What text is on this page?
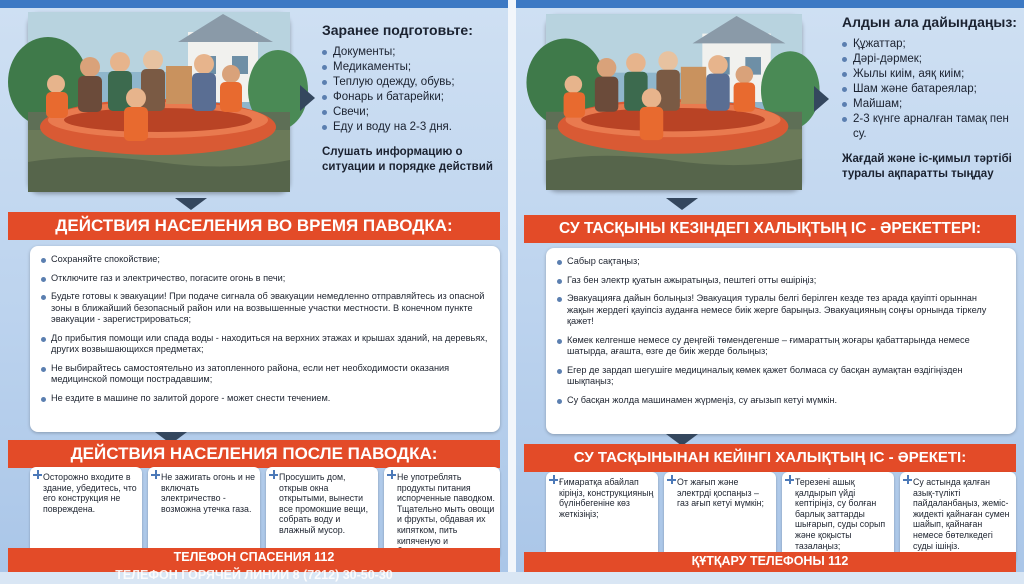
Заранее подготовьте:
Документы;
Медикаменты;
Теплую одежду, обувь;
Фонарь и батарейки;
Свечи;
Еду и воду на 2-3 дня.
Слушать информацию о ситуации и порядке действий
ДЕЙСТВИЯ НАСЕЛЕНИЯ ВО ВРЕМЯ ПАВОДКА:
Сохраняйте спокойствие;
Отключите газ и электричество, погасите огонь в печи;
Будьте готовы к эвакуации! При подаче сигнала об эвакуации немедленно отправляйтесь из опасной зоны в ближайший безопасный район или на возвышенные участки местности. В конечном пункте эвакуации - зарегистрироваться;
До прибытия помощи или спада воды - находиться на верхних этажах и крышах зданий, на деревьях, других возвышающихся предметах;
Не выбирайтесь самостоятельно из затопленного района, если нет необходимости оказания медицинской помощи пострадавшим;
Не ездите в машине по залитой дороге - может снести течением.
ДЕЙСТВИЯ НАСЕЛЕНИЯ ПОСЛЕ ПАВОДКА:
Осторожно входите в здание, убедитесь, что его конструкция не повреждена.
Не зажигать огонь и не включать электричество - возможна утечка газа.
Просушить дом, открыв окна открытыми, вынести все промокшие вещи, собрать воду и влажный мусор.
Не употреблять продукты питания испорченные паводком. Тщательно мыть овощи и фрукты, обдавая их кипятком, пить кипяченую и
ТЕЛЕФОН СПАСЕНИЯ 112
ТЕЛЕФОН ГОРЯЧЕЙ ЛИНИИ 8 (7212) 30-50-30
Алдын ала дайындаңыз:
Құжаттар;
Дәрі-дәрмек;
Жылы киім, аяқ киім;
Шам және батареялар;
Майшам;
2-3 күнге арналған тамақ пен су.
Жағдай және іс-қимыл тәртібі туралы ақпаратты тыңдау
СУ ТАСҚЫНЫ КЕЗІНДЕГІ ХАЛЫҚТЫҢ ІС - ӘРЕКЕТТЕРІ:
Сабыр сақтаңыз;
Газ бен электр қуатын ажыратыңыз, пештегі отты өшіріңіз;
Эвакуацияға дайын болыңыз! Эвакуация туралы белгі берілген кезде тез арада қауіпті орыннан жақын жердегі қауіпсіз ауданға немесе биік жерге барыңыз. Эвакуацияның соңғы орнында тіркелу қажет!
Көмек келгенше немесе су деңгейі төмендегенше – ғимараттың жоғары қабаттарында немесе шатырда, ағашта, өзге де биік жерде болыңыз;
Егер де зардап шегушіге медициналық көмек қажет болмаса су басқан аумақтан өздігіңізден шықпаңыз;
Су басқан жолда машинамен жүрмеңіз, су ағызып кетуі мүмкін.
СУ ТАСҚЫНЫНАН КЕЙІНГІ ХАЛЫҚТЫҢ ІС - ӘРЕКЕТІ:
Ғимаратқа абайлап кіріңіз, конструкцияның бүлінбегеніне көз жеткізіңіз;
От жағып және электрді қоспаңыз – газ ағып кетуі мүмкін;
Терезені ашық қалдырып үйді кептіріңіз, су болған барлық заттарды шығарып, суды сорып және қоқысты тазалаңыз;
Су астында қалған азық-түлікті пайдаланбаңыз, жеміс-жидекті қайнаған сумен шайып, қайнаған немесе бөтелкедегі суды ішіңіз.
ҚҰТҚАРУ ТЕЛЕФОНЫ 112
